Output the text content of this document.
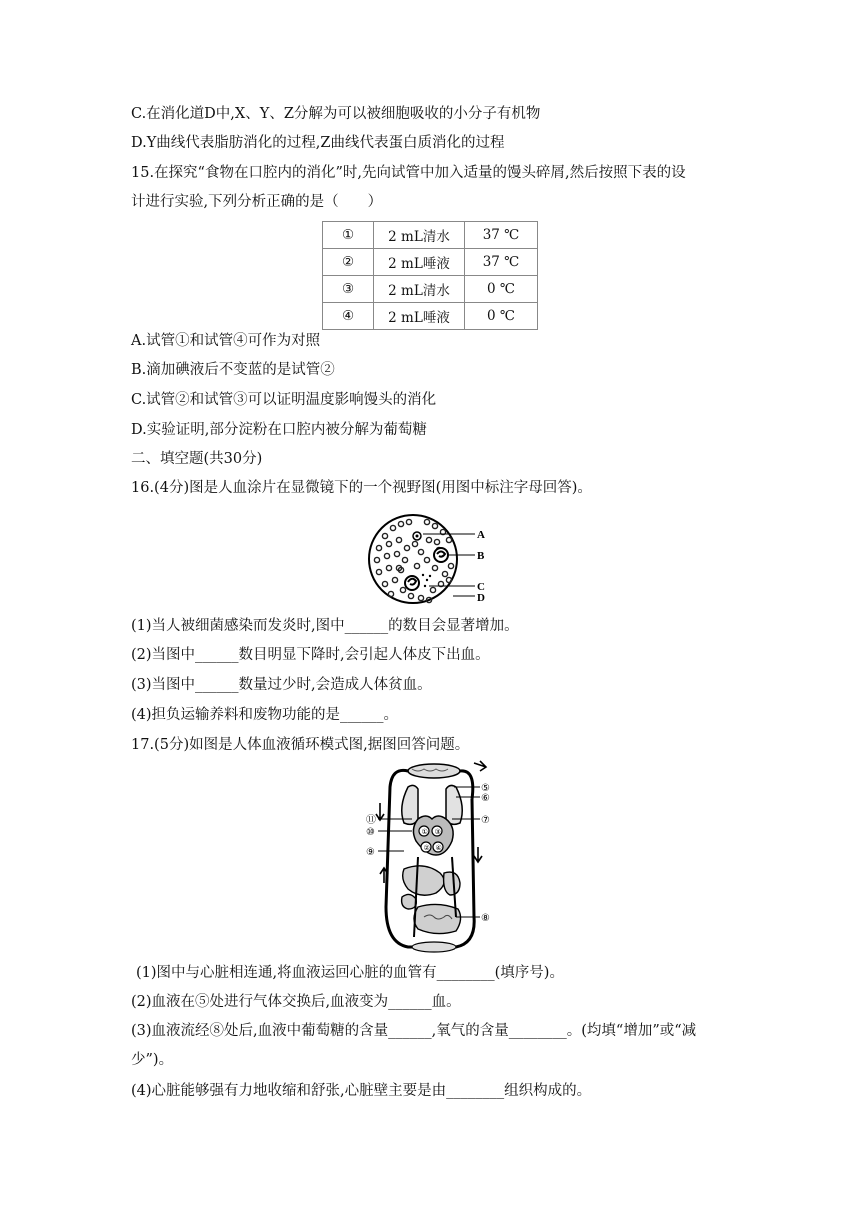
C.在消化道D中,X、Y、Z分解为可以被细胞吸收的小分子有机物
D.Y曲线代表脂肪消化的过程,Z曲线代表蛋白质消化的过程
15.在探究“食物在口腔内的消化”时,先向试管中加入适量的馒头碎屑,然后按照下表的设
计进行实验,下列分析正确的是（　　）
①	2 mL清水	37 ℃
②	2 mL唾液	37 ℃
③	2 mL清水	0 ℃
④	2 mL唾液	0 ℃
A.试管①和试管④可作为对照
B.滴加碘液后不变蓝的是试管②
C.试管②和试管③可以证明温度影响馒头的消化
D.实验证明,部分淀粉在口腔内被分解为葡萄糖
二、填空题(共30分)
16.(4分)图是人血涂片在显微镜下的一个视野图(用图中标注字母回答)。
A
B
C
D
(1)当人被细菌感染而发炎时,图中______的数目会显著增加。
(2)当图中______数目明显下降时,会引起人体皮下出血。
(3)当图中______数量过少时,会造成人体贫血。
(4)担负运输养料和废物功能的是______。
17.(5分)如图是人体血液循环模式图,据图回答问题。
①
②
③
④
⑤
⑥
⑦
⑧
⑨
⑩
⑪
(1)图中与心脏相连通,将血液运回心脏的血管有________(填序号)。
(2)血液在⑤处进行气体交换后,血液变为______血。
(3)血液流经⑧处后,血液中葡萄糖的含量______,氧气的含量________。(均填“增加”或“减
少”)。
(4)心脏能够强有力地收缩和舒张,心脏壁主要是由________组织构成的。
